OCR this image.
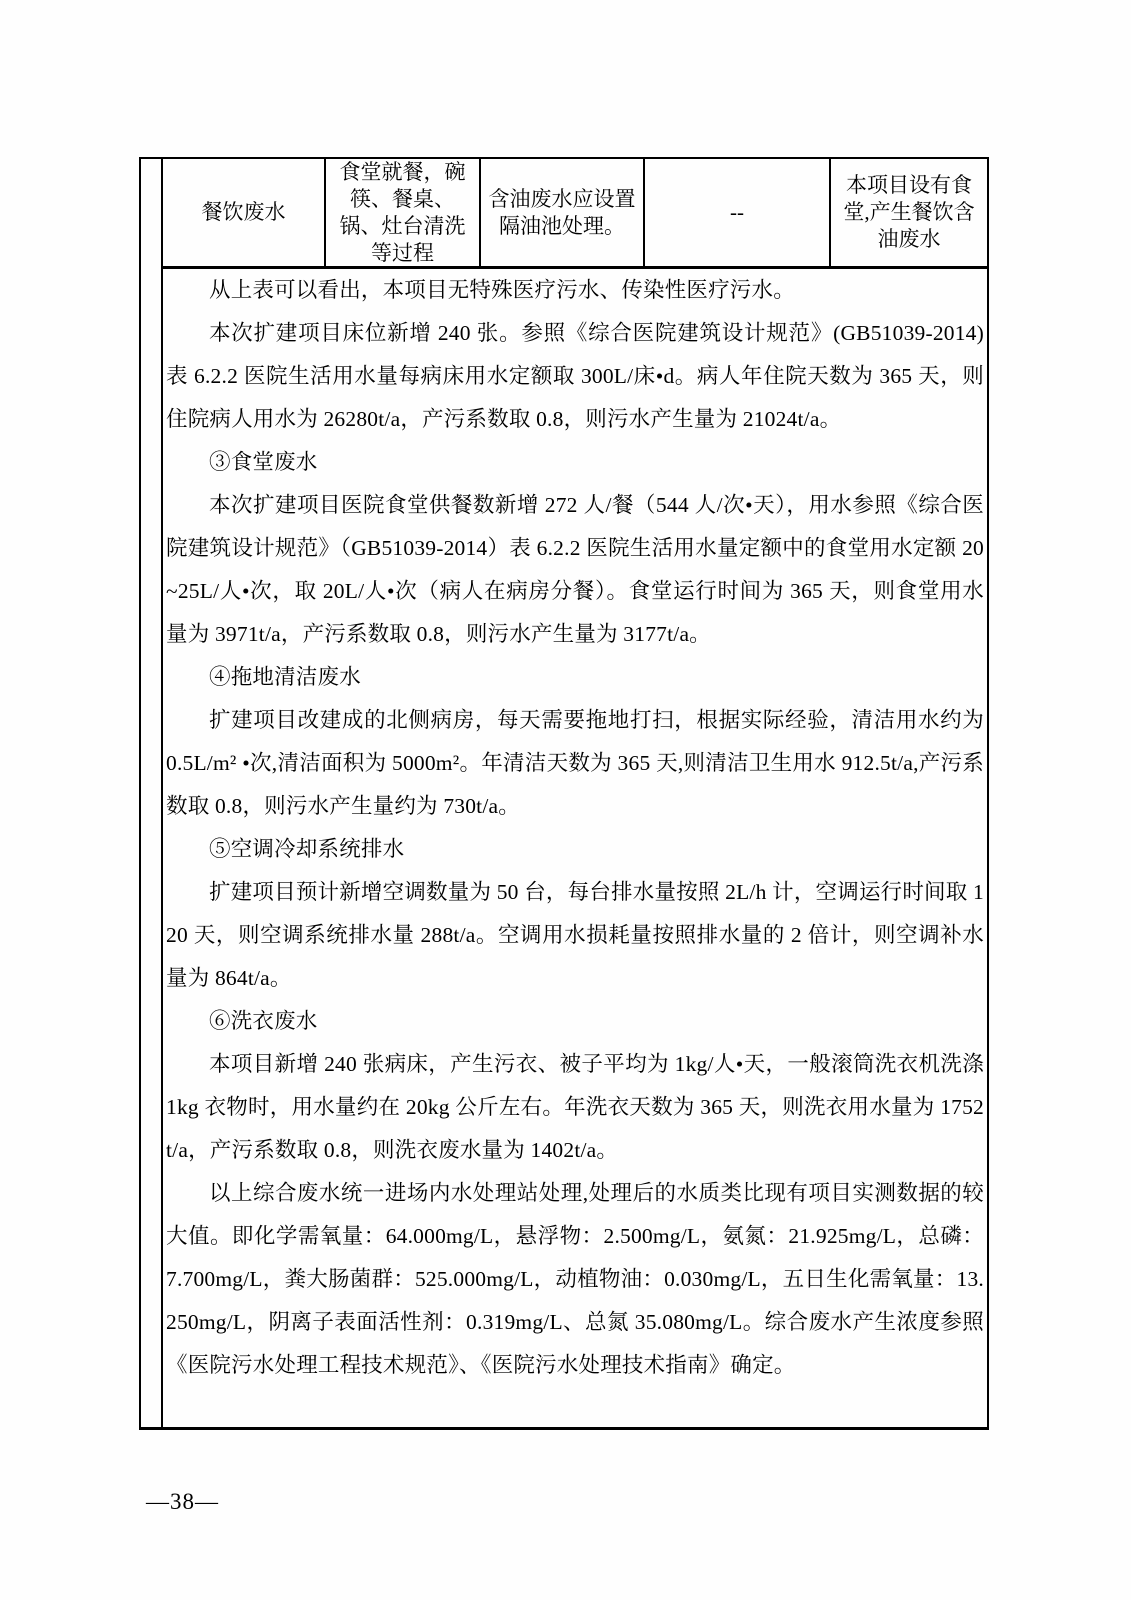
餐饮废水
食堂就餐，碗筷、餐桌、锅、灶台清洗等过程
含油废水应设置隔油池处理。
--
本项目设有食堂,产生餐饮含油废水

从上表可以看出，本项目无特殊医疗污水、传染性医疗污水。

本次扩建项目床位新增 240 张。参照《综合医院建筑设计规范》(GB51039-2014)表 6.2.2 医院生活用水量每病床用水定额取 300L/床•d。病人年住院天数为 365 天，则住院病人用水为 26280t/a，产污系数取 0.8，则污水产生量为 21024t/a。

③食堂废水

本次扩建项目医院食堂供餐数新增 272 人/餐（544 人/次•天），用水参照《综合医院建筑设计规范》（GB51039-2014）表 6.2.2 医院生活用水量定额中的食堂用水定额 20~25L/人•次，取 20L/人•次（病人在病房分餐）。食堂运行时间为 365 天，则食堂用水量为 3971t/a，产污系数取 0.8，则污水产生量为 3177t/a。

④拖地清洁废水

扩建项目改建成的北侧病房，每天需要拖地打扫，根据实际经验，清洁用水约为 0.5L/m² •次,清洁面积为 5000m²。年清洁天数为 365 天,则清洁卫生用水 912.5t/a,产污系数取 0.8，则污水产生量约为 730t/a。

⑤空调冷却系统排水

扩建项目预计新增空调数量为 50 台，每台排水量按照 2L/h 计，空调运行时间取 120 天，则空调系统排水量 288t/a。空调用水损耗量按照排水量的 2 倍计，则空调补水量为 864t/a。

⑥洗衣废水

本项目新增 240 张病床，产生污衣、被子平均为 1kg/人•天，一般滚筒洗衣机洗涤 1kg 衣物时，用水量约在 20kg 公斤左右。年洗衣天数为 365 天，则洗衣用水量为 1752t/a，产污系数取 0.8，则洗衣废水量为 1402t/a。

以上综合废水统一进场内水处理站处理,处理后的水质类比现有项目实测数据的较大值。即化学需氧量：64.000mg/L，悬浮物：2.500mg/L，氨氮：21.925mg/L，总磷：7.700mg/L，粪大肠菌群：525.000mg/L，动植物油：0.030mg/L，五日生化需氧量：13.250mg/L，阴离子表面活性剂：0.319mg/L、总氮 35.080mg/L。综合废水产生浓度参照《医院污水处理工程技术规范》、《医院污水处理技术指南》确定。

—38—
